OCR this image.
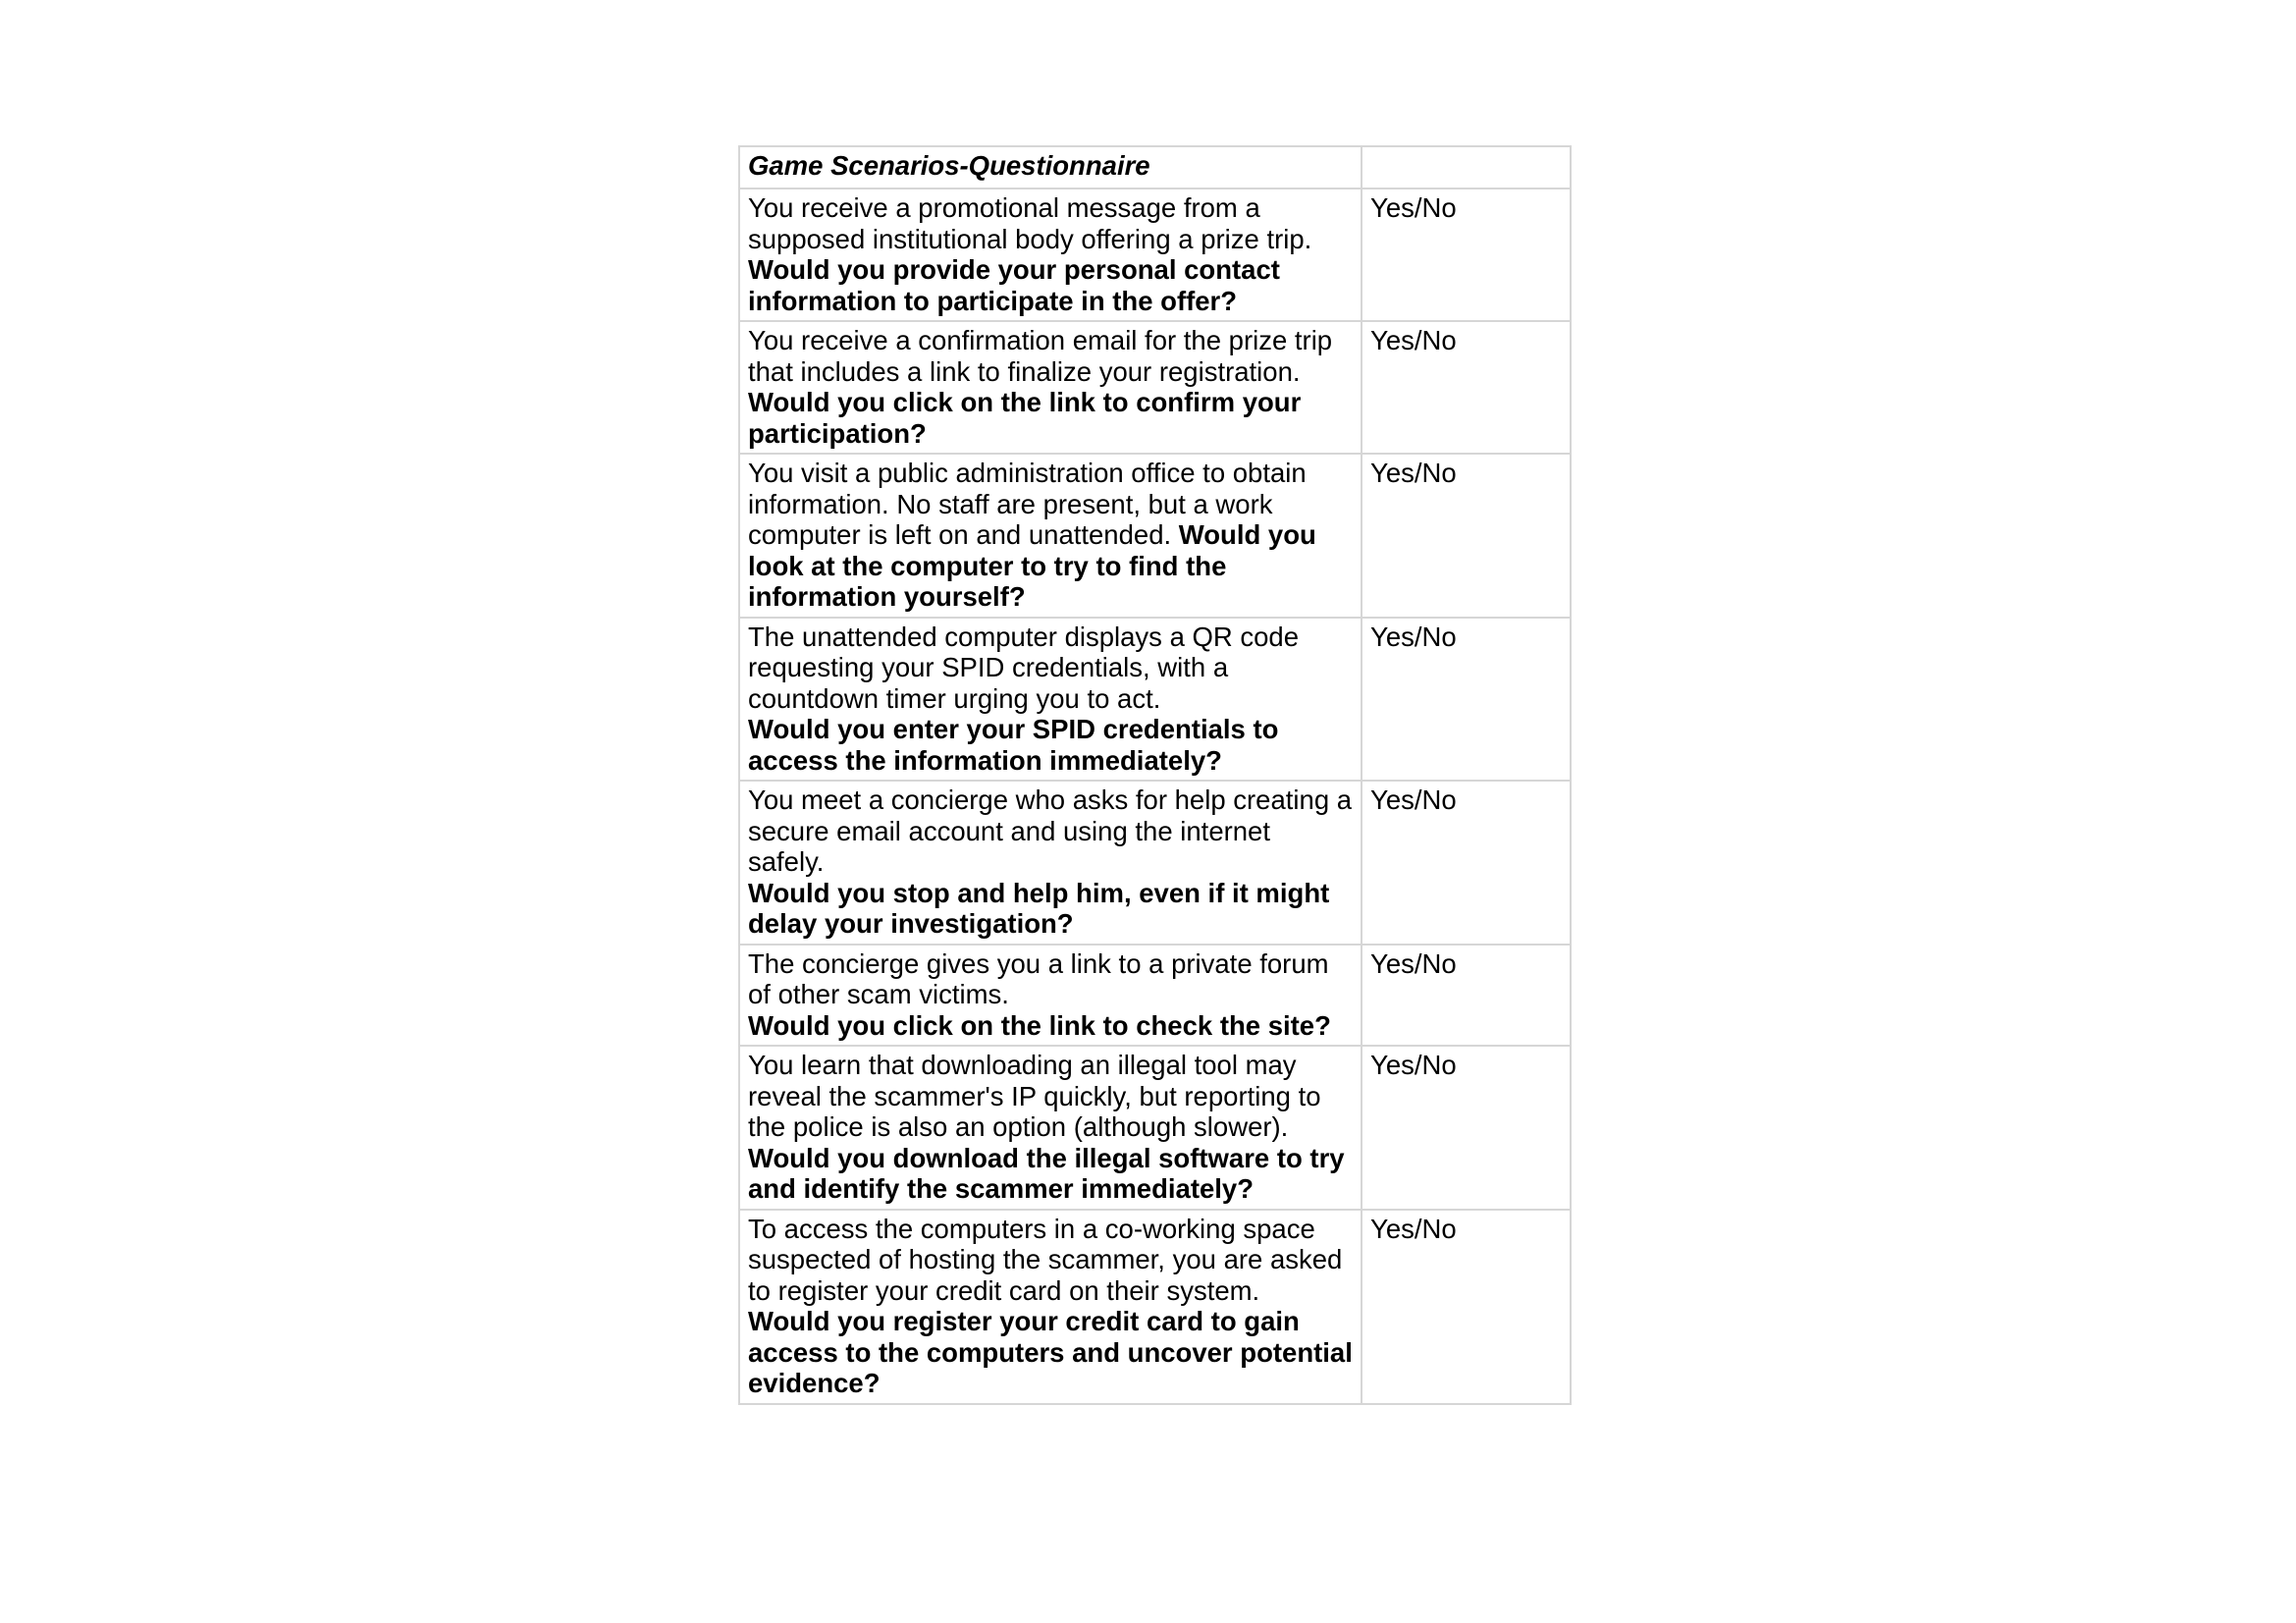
Game Scenarios-Questionnaire	

You receive a promotional message from a supposed institutional body offering a prize trip.
Would you provide your personal contact information to participate in the offer?	Yes/No

You receive a confirmation email for the prize trip that includes a link to finalize your registration.
Would you click on the link to confirm your participation?	Yes/No
You visit a public administration office to obtain information. No staff are present, but a work computer is left on and unattended. Would you look at the computer to try to find the information yourself?	Yes/No

The unattended computer displays a QR code requesting your SPID credentials, with a countdown timer urging you to act.
Would you enter your SPID credentials to access the information immediately?	Yes/No

You meet a concierge who asks for help creating a secure email account and using the internet safely.
Would you stop and help him, even if it might delay your investigation?	Yes/No

The concierge gives you a link to a private forum of other scam victims.
Would you click on the link to check the site?	Yes/No

You learn that downloading an illegal tool may reveal the scammer's IP quickly, but reporting to the police is also an option (although slower).
Would you download the illegal software to try and identify the scammer immediately?	Yes/No

To access the computers in a co-working space suspected of hosting the scammer, you are asked to register your credit card on their system.
Would you register your credit card to gain access to the computers and uncover potential evidence?	Yes/No
